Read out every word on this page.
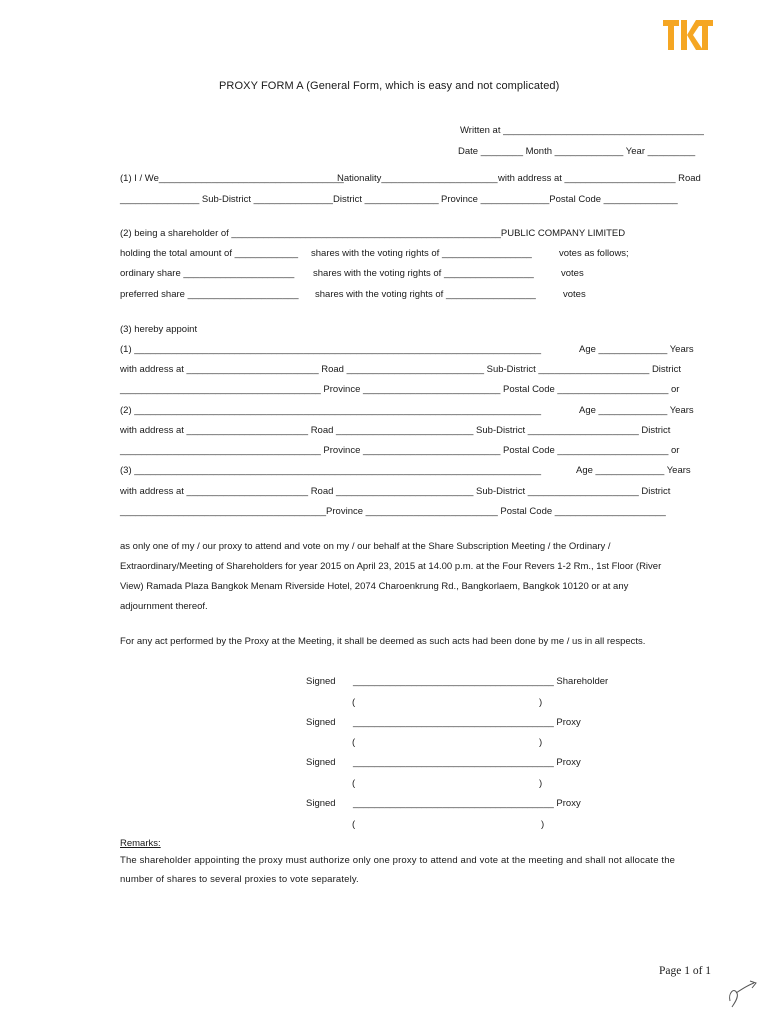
PROXY FORM A (General Form, which is easy and not complicated)
Written at ______________________________________
Date ________ Month _____________ Year _________
(1) I / We___________________________________
Nationality______________________ with address at _____________________ Road
_______________ Sub-District _______________ District ______________ Province _____________Postal Code ______________
(2) being a shareholder of ___________________________________________________PUBLIC COMPANY LIMITED
holding the total amount of ____________ shares with the voting rights of _________________	votes as follows;
ordinary share _____________________ shares with the voting rights of _________________	votes
preferred share _____________________ shares with the voting rights of _________________	votes
(3) hereby appoint
(1) _____________________________________________________________________________	Age _____________ Years
with address at _________________________ Road __________________________ Sub-District _____________________ District
______________________________________ Province __________________________ Postal Code _____________________ or
(2) _____________________________________________________________________________	Age _____________ Years
with address at _______________________ Road __________________________ Sub-District _____________________ District
______________________________________ Province __________________________ Postal Code _____________________ or
(3) _____________________________________________________________________________	Age _____________ Years
with address at _______________________ Road __________________________ Sub-District _____________________ District
_______________________________________Province _________________________ Postal Code _____________________
as only one of my / our proxy to attend and vote on my / our behalf at the Share Subscription Meeting / the Ordinary /
Extraordinary/Meeting of Shareholders for year 2015 on April 23, 2015 at 14.00 p.m. at the Four Revers 1-2 Rm., 1st Floor (River
View) Ramada Plaza Bangkok Menam Riverside Hotel, 2074 Charoenkrung Rd., Bangkorlaem, Bangkok 10120 or at any
adjournment thereof.
For any act performed by the Proxy at the Meeting, it shall be deemed as such acts had been done by me / us in all respects.
Signed ______________________________________ Shareholder
(	)
Signed ______________________________________ Proxy
(	)
Signed ______________________________________ Proxy
(	)
Signed ______________________________________ Proxy
(	)
Remarks:
The shareholder appointing the proxy must authorize only one proxy to attend and vote at the meeting and shall not allocate the
number of shares to several proxies to vote separately.
Page 1 of 1
